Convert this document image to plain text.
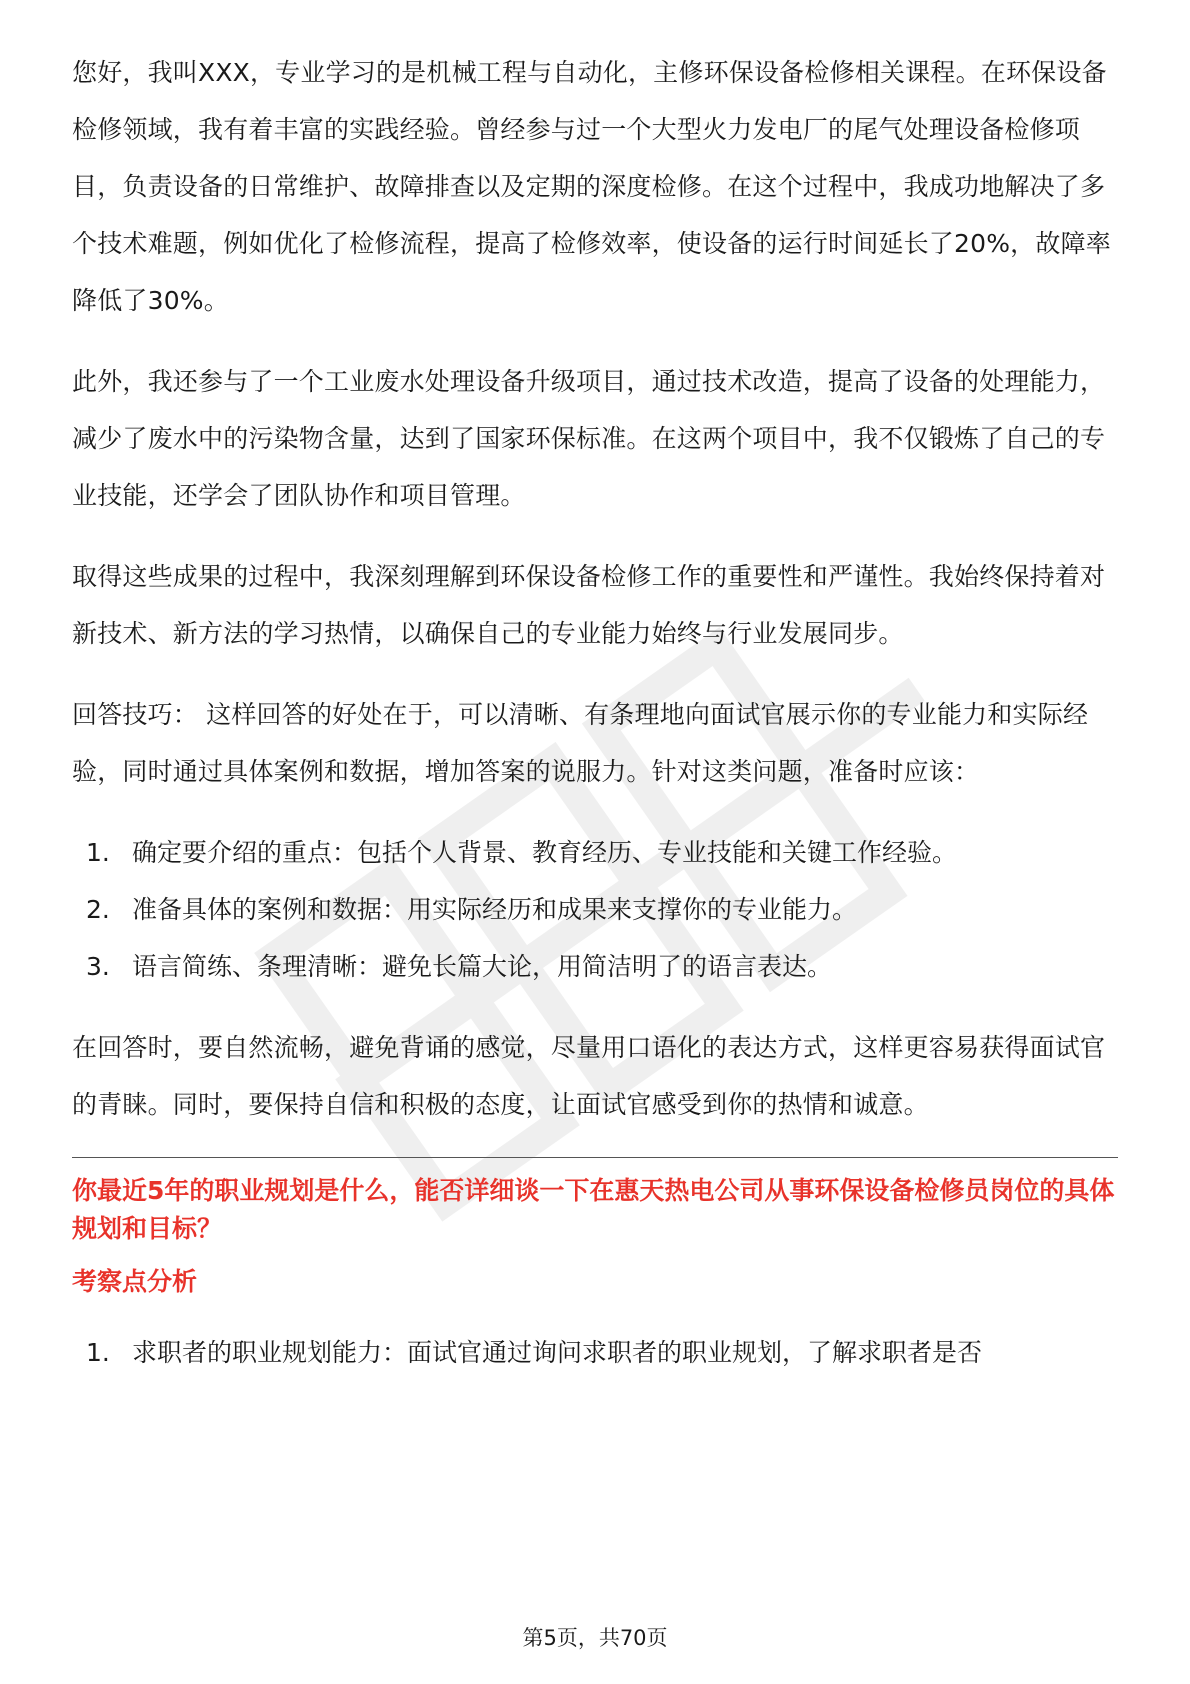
您好，我叫XXX，专业学习的是机械工程与自动化，主修环保设备检修相关课程。在环保设备检修领域，我有着丰富的实践经验。曾经参与过一个大型火力发电厂的尾气处理设备检修项目，负责设备的日常维护、故障排查以及定期的深度检修。在这个过程中，我成功地解决了多个技术难题，例如优化了检修流程，提高了检修效率，使设备的运行时间延长了20%，故障率降低了30%。

此外，我还参与了一个工业废水处理设备升级项目，通过技术改造，提高了设备的处理能力，减少了废水中的污染物含量，达到了国家环保标准。在这两个项目中，我不仅锻炼了自己的专业技能，还学会了团队协作和项目管理。

取得这些成果的过程中，我深刻理解到环保设备检修工作的重要性和严谨性。我始终保持着对新技术、新方法的学习热情，以确保自己的专业能力始终与行业发展同步。

回答技巧： 这样回答的好处在于，可以清晰、有条理地向面试官展示你的专业能力和实际经验，同时通过具体案例和数据，增加答案的说服力。针对这类问题，准备时应该：

1. 确定要介绍的重点：包括个人背景、教育经历、专业技能和关键工作经验。
2. 准备具体的案例和数据：用实际经历和成果来支撑你的专业能力。
3. 语言简练、条理清晰：避免长篇大论，用简洁明了的语言表达。

在回答时，要自然流畅，避免背诵的感觉，尽量用口语化的表达方式，这样更容易获得面试官的青睐。同时，要保持自信和积极的态度，让面试官感受到你的热情和诚意。

你最近5年的职业规划是什么，能否详细谈一下在惠天热电公司从事环保设备检修员岗位的具体规划和目标？
考察点分析
1. 求职者的职业规划能力：面试官通过询问求职者的职业规划，了解求职者是否
第5页，共70页
